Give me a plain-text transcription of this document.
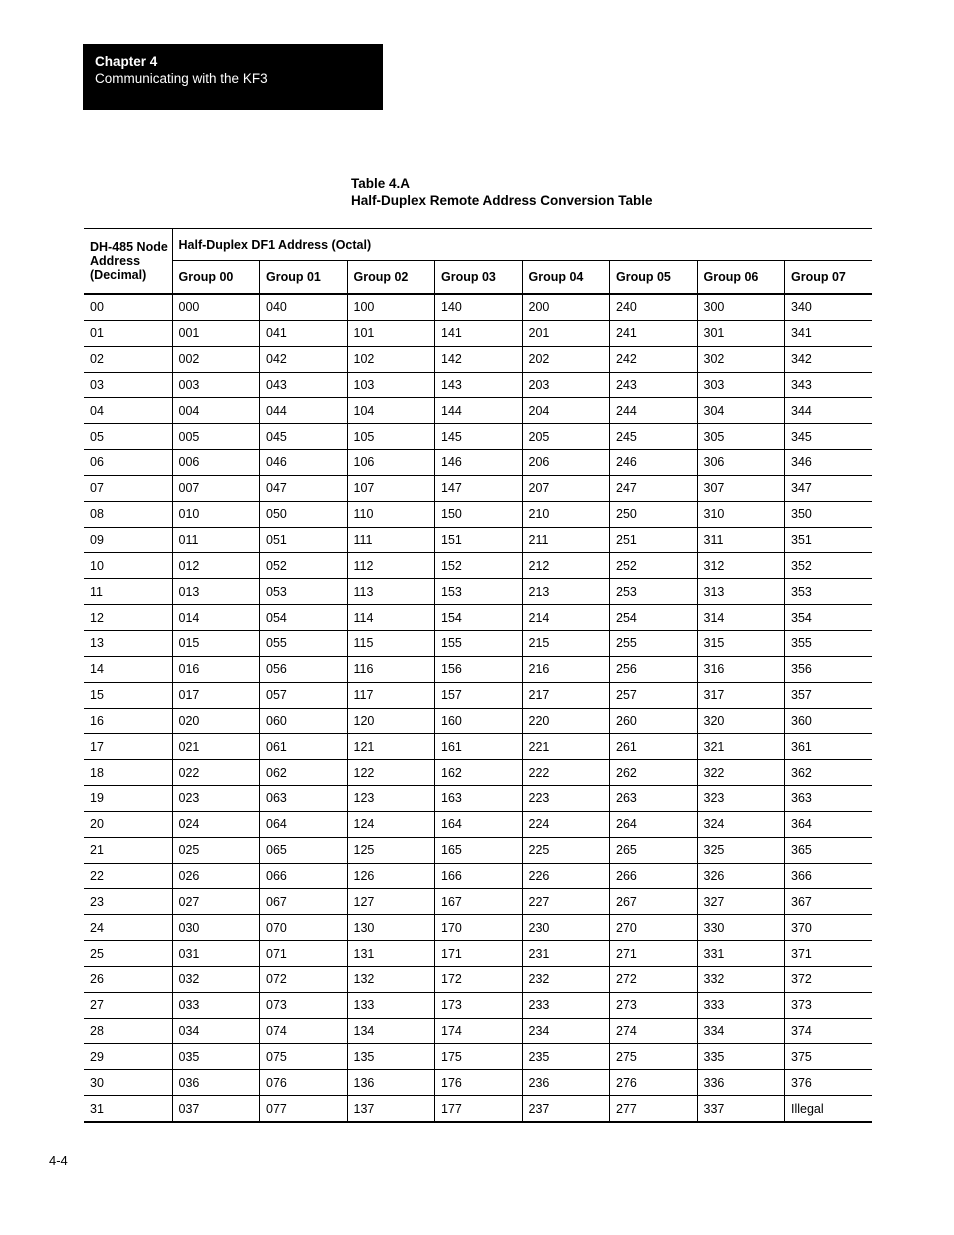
Chapter 4
Communicating with the KF3
Table 4.A
Half-Duplex Remote Address Conversion Table
DH-485 Node
Address
(Decimal)	Half-Duplex DF1 Address (Octal)							
	Group 00	Group 01	Group 02	Group 03	Group 04	Group 05	Group 06	Group 07
00	000	040	100	140	200	240	300	340
01	001	041	101	141	201	241	301	341
02	002	042	102	142	202	242	302	342
03	003	043	103	143	203	243	303	343
04	004	044	104	144	204	244	304	344
05	005	045	105	145	205	245	305	345
06	006	046	106	146	206	246	306	346
07	007	047	107	147	207	247	307	347
08	010	050	110	150	210	250	310	350
09	011	051	111	151	211	251	311	351
10	012	052	112	152	212	252	312	352
11	013	053	113	153	213	253	313	353
12	014	054	114	154	214	254	314	354
13	015	055	115	155	215	255	315	355
14	016	056	116	156	216	256	316	356
15	017	057	117	157	217	257	317	357
16	020	060	120	160	220	260	320	360
17	021	061	121	161	221	261	321	361
18	022	062	122	162	222	262	322	362
19	023	063	123	163	223	263	323	363
20	024	064	124	164	224	264	324	364
21	025	065	125	165	225	265	325	365
22	026	066	126	166	226	266	326	366
23	027	067	127	167	227	267	327	367
24	030	070	130	170	230	270	330	370
25	031	071	131	171	231	271	331	371
26	032	072	132	172	232	272	332	372
27	033	073	133	173	233	273	333	373
28	034	074	134	174	234	274	334	374
29	035	075	135	175	235	275	335	375
30	036	076	136	176	236	276	336	376
31	037	077	137	177	237	277	337	Illegal
4-4
